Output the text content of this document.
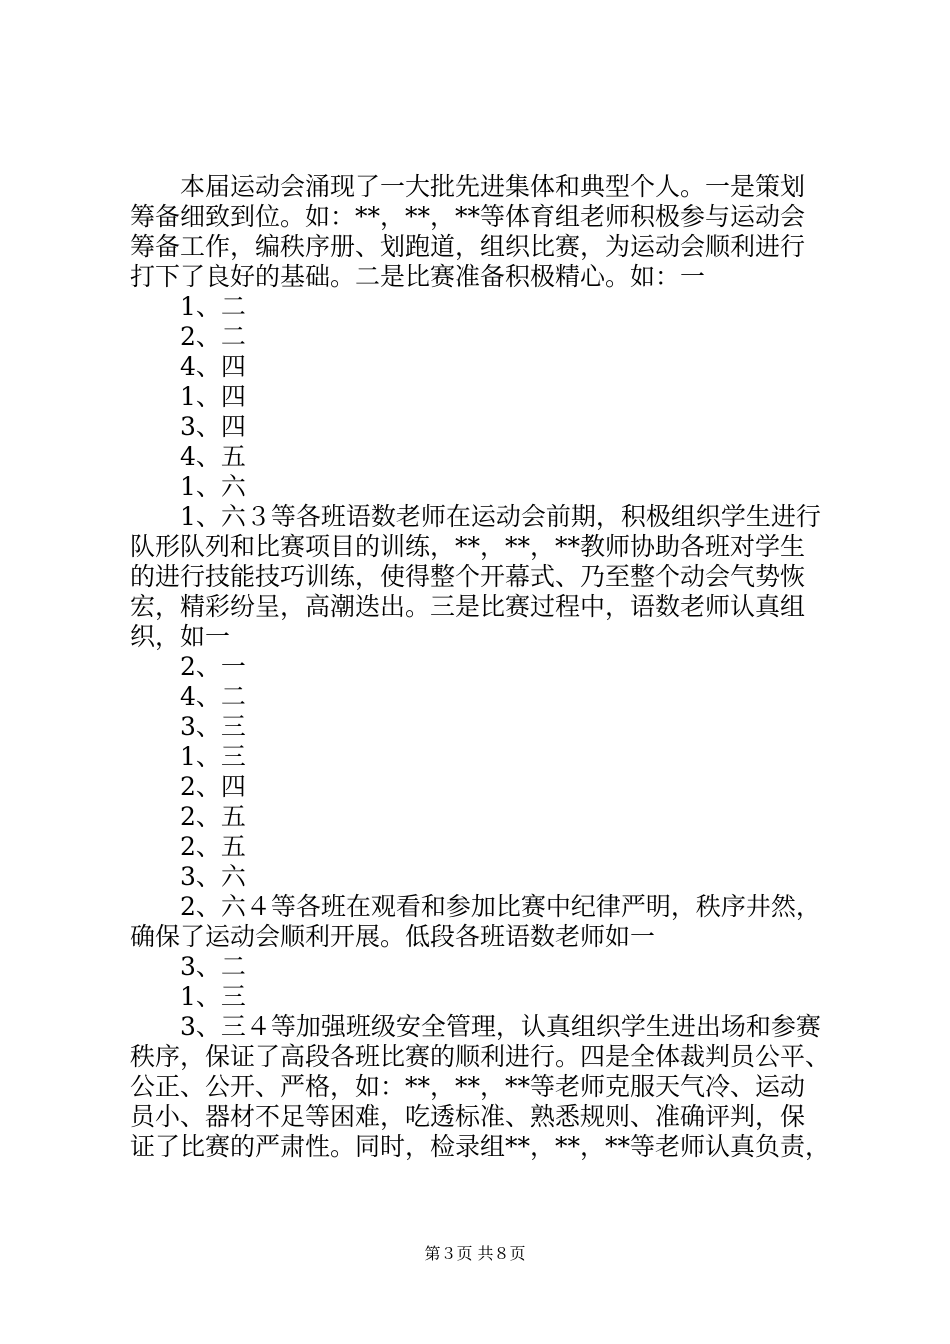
本届运动会涌现了一大批先进集体和典型个人。一是策划
筹备细致到位。如：**，**，**等体育组老师积极参与运动会
筹备工作，编秩序册、划跑道，组织比赛，为运动会顺利进行
打下了良好的基础。二是比赛准备积极精心。如：一
1、二
2、二
4、四
1、四
3、四
4、五
1、六
1、六３等各班语数老师在运动会前期，积极组织学生进行
队形队列和比赛项目的训练，**，**，**教师协助各班对学生
的进行技能技巧训练，使得整个开幕式、乃至整个动会气势恢
宏，精彩纷呈，高潮迭出。三是比赛过程中，语数老师认真组
织，如一
2、一
4、二
3、三
1、三
2、四
2、五
2、五
3、六
2、六４等各班在观看和参加比赛中纪律严明，秩序井然，
确保了运动会顺利开展。低段各班语数老师如一
3、二
1、三
3、三４等加强班级安全管理，认真组织学生进出场和参赛
秩序，保证了高段各班比赛的顺利进行。四是全体裁判员公平、
公正、公开、严格，如：**，**，**等老师克服天气冷、运动
员小、器材不足等困难，吃透标准、熟悉规则、准确评判，保
证了比赛的严肃性。同时，检录组**，**，**等老师认真负责，
第３页 共８页
